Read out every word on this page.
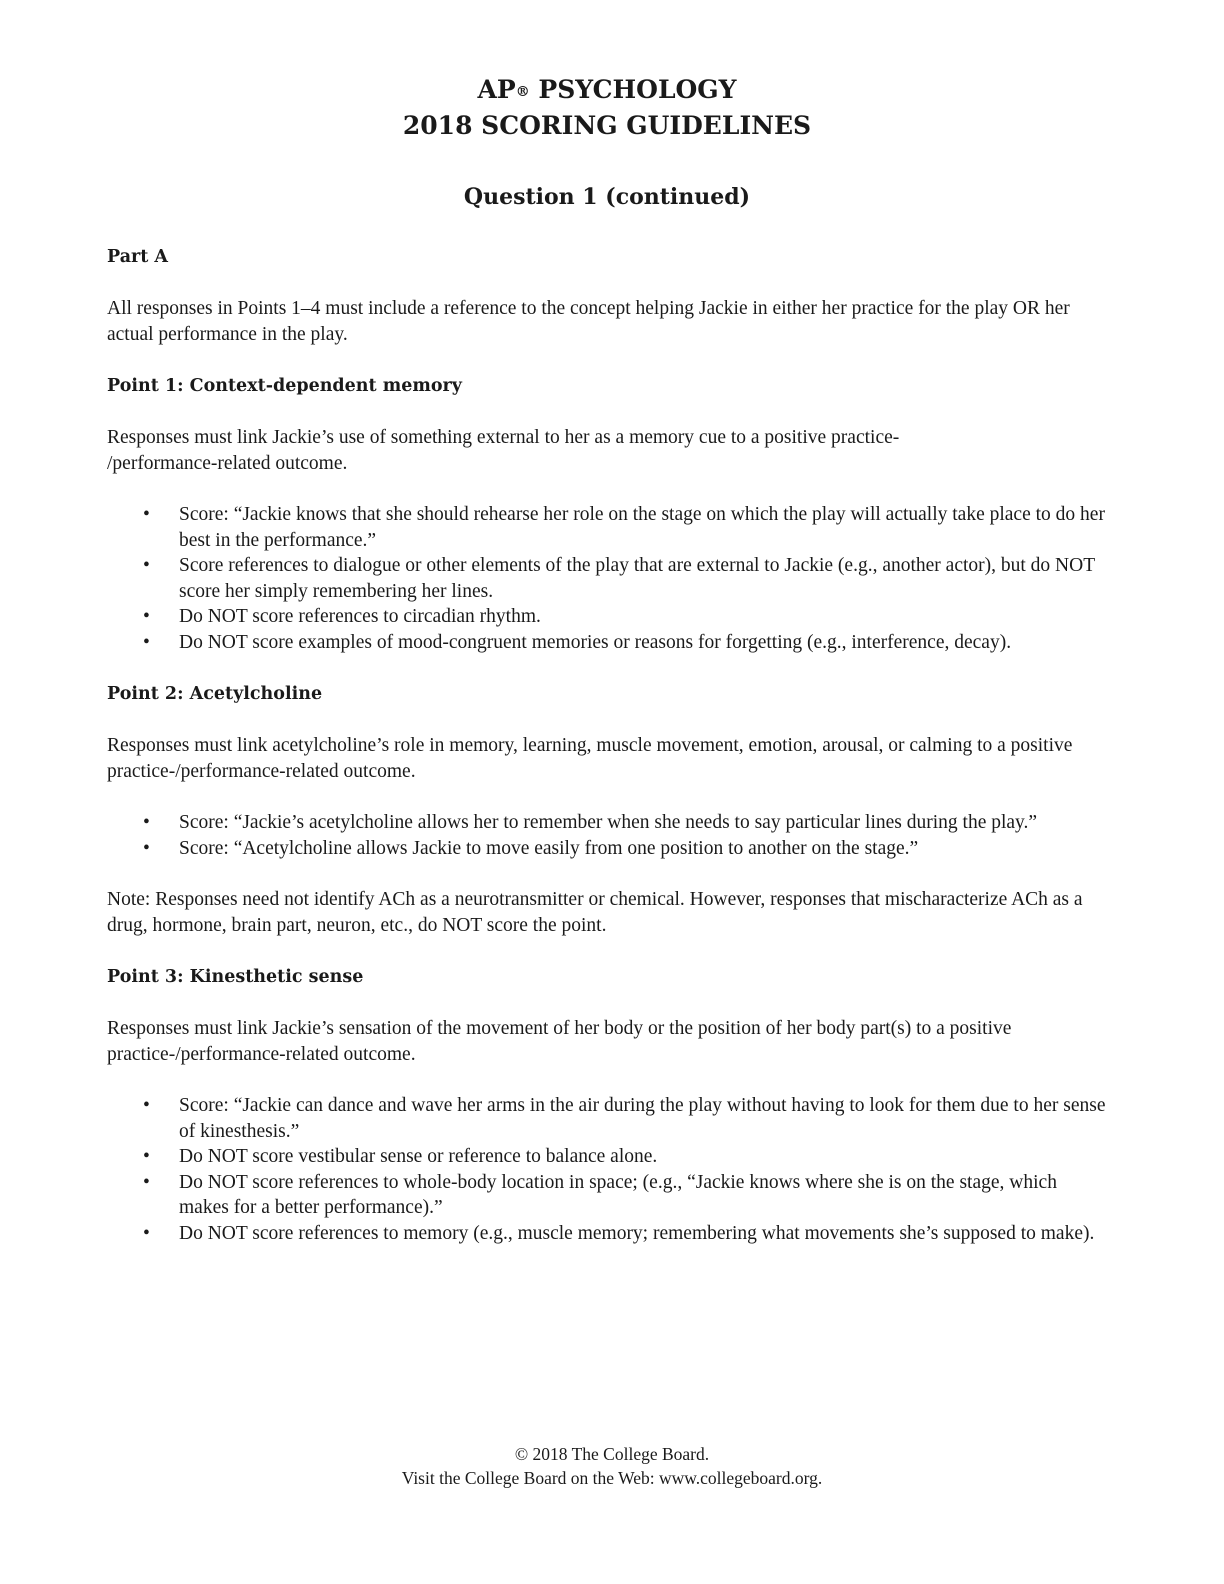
AP® PSYCHOLOGY
2018 SCORING GUIDELINES
Question 1 (continued)
Part A

All responses in Points 1–4 must include a reference to the concept helping Jackie in either her practice for the play OR her actual performance in the play.

Point 1: Context-dependent memory

Responses must link Jackie’s use of something external to her as a memory cue to a positive practice-
/performance-related outcome.

• Score: “Jackie knows that she should rehearse her role on the stage on which the play will actually take place to do her best in the performance.”
• Score references to dialogue or other elements of the play that are external to Jackie (e.g., another actor), but do NOT score her simply remembering her lines.
• Do NOT score references to circadian rhythm.
• Do NOT score examples of mood-congruent memories or reasons for forgetting (e.g., interference, decay).
Point 2: Acetylcholine

Responses must link acetylcholine’s role in memory, learning, muscle movement, emotion, arousal, or calming to a positive practice-/performance-related outcome.

• Score: “Jackie’s acetylcholine allows her to remember when she needs to say particular lines during the play.”
• Score: “Acetylcholine allows Jackie to move easily from one position to another on the stage.”

Note: Responses need not identify ACh as a neurotransmitter or chemical. However, responses that mischaracterize ACh as a drug, hormone, brain part, neuron, etc., do NOT score the point.

Point 3: Kinesthetic sense

Responses must link Jackie’s sensation of the movement of her body or the position of her body part(s) to a positive practice-/performance-related outcome.

• Score: “Jackie can dance and wave her arms in the air during the play without having to look for them due to her sense of kinesthesis.”
• Do NOT score vestibular sense or reference to balance alone.
• Do NOT score references to whole-body location in space; (e.g., “Jackie knows where she is on the stage, which makes for a better performance).”
• Do NOT score references to memory (e.g., muscle memory; remembering what movements she’s supposed to make).
© 2018 The College Board.
Visit the College Board on the Web: www.collegeboard.org.
